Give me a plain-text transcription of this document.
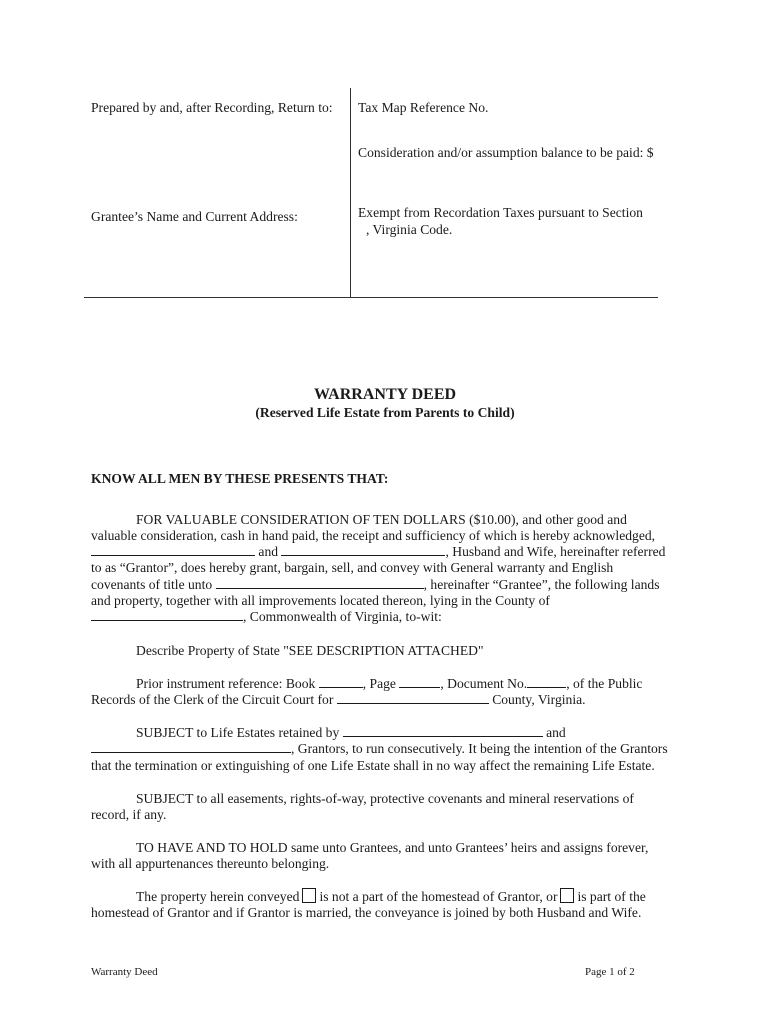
Prepared by and, after Recording, Return to:
Grantee’s Name and Current Address:
Tax Map Reference No.
Consideration and/or assumption balance to be paid: $
Exempt from Recordation Taxes pursuant to Section
, Virginia Code.
WARRANTY DEED
(Reserved Life Estate from Parents to Child)
KNOW ALL MEN BY THESE PRESENTS THAT:
FOR VALUABLE CONSIDERATION OF TEN DOLLARS ($10.00), and other good and
valuable consideration, cash in hand paid, the receipt and sufficiency of which is hereby acknowledged,
and	, Husband and Wife, hereinafter referred
to as “Grantor”, does hereby grant, bargain, sell, and convey with General warranty and English
covenants of title unto	, hereinafter “Grantee”, the following lands
and property, together with all improvements located thereon, lying in the County of
, Commonwealth of Virginia, to-wit:
Describe Property of State "SEE DESCRIPTION ATTACHED"
Prior instrument reference: Book	, Page	, Document No.	, of the Public
Records of the Clerk of the Circuit Court for	County, Virginia.
SUBJECT to Life Estates retained by	and
, Grantors, to run consecutively. It being the intention of the Grantors
that the termination or extinguishing of one Life Estate shall in no way affect the remaining Life Estate.
SUBJECT to all easements, rights-of-way, protective covenants and mineral reservations of
record, if any.
TO HAVE AND TO HOLD same unto Grantees, and unto Grantees’ heirs and assigns forever,
with all appurtenances thereunto belonging.
The property herein conveyed is not a part of the homestead of Grantor, or is part of the
homestead of Grantor and if Grantor is married, the conveyance is joined by both Husband and Wife.
Warranty Deed	Page 1 of 2
